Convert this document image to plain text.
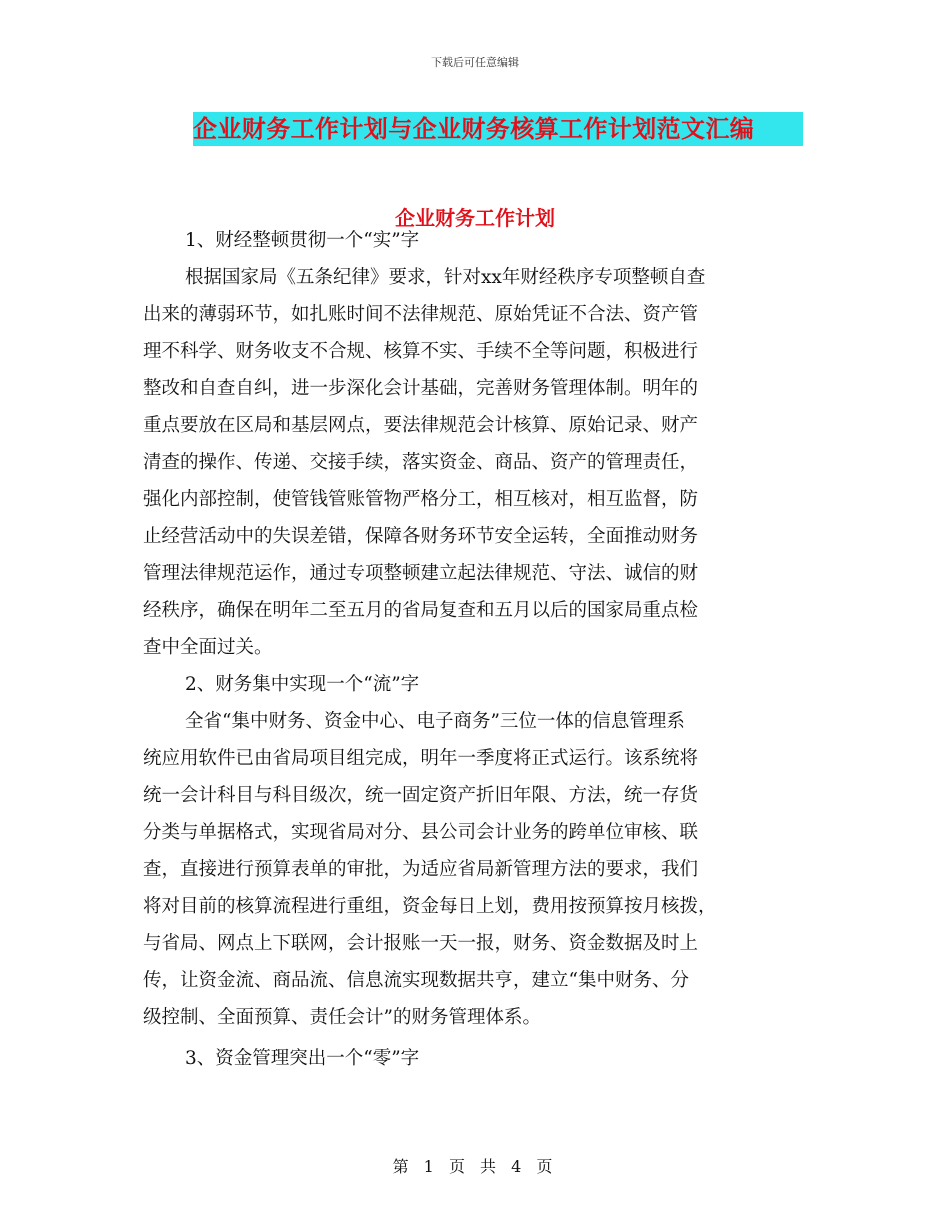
下载后可任意编辑
企业财务工作计划与企业财务核算工作计划范文汇编
企业财务工作计划
1、财经整顿贯彻一个“实”字
根据国家局《五条纪律》要求，针对xx年财经秩序专项整顿自查
出来的薄弱环节，如扎账时间不法律规范、原始凭证不合法、资产管
理不科学、财务收支不合规、核算不实、手续不全等问题，积极进行
整改和自查自纠，进一步深化会计基础，完善财务管理体制。明年的
重点要放在区局和基层网点，要法律规范会计核算、原始记录、财产
清查的操作、传递、交接手续，落实资金、商品、资产的管理责任，
强化内部控制，使管钱管账管物严格分工，相互核对，相互监督，防
止经营活动中的失误差错，保障各财务环节安全运转，全面推动财务
管理法律规范运作，通过专项整顿建立起法律规范、守法、诚信的财
经秩序，确保在明年二至五月的省局复查和五月以后的国家局重点检
查中全面过关。
2、财务集中实现一个“流”字
全省“集中财务、资金中心、电子商务”三位一体的信息管理系
统应用软件已由省局项目组完成，明年一季度将正式运行。该系统将
统一会计科目与科目级次，统一固定资产折旧年限、方法，统一存货
分类与单据格式，实现省局对分、县公司会计业务的跨单位审核、联
查，直接进行预算表单的审批，为适应省局新管理方法的要求，我们
将对目前的核算流程进行重组，资金每日上划，费用按预算按月核拨，
与省局、网点上下联网，会计报账一天一报，财务、资金数据及时上
传，让资金流、商品流、信息流实现数据共亨，建立“集中财务、分
级控制、全面预算、责任会计”的财务管理体系。
3、资金管理突出一个“零”字
第 1 页 共 4 页
